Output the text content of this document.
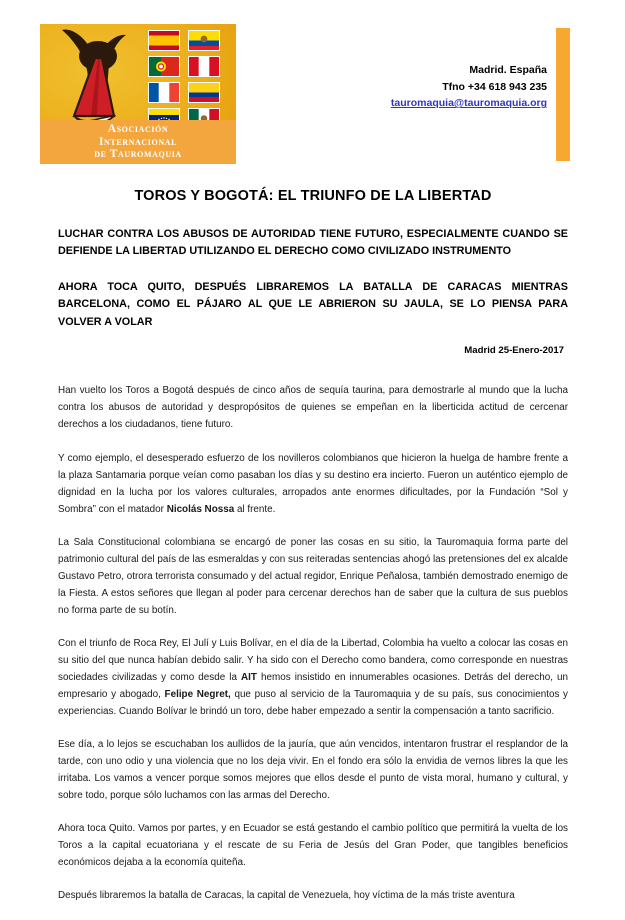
Asociación
Internacional
de Tauromaquia
Madrid. España
Tfno +34 618 943 235
tauromaquia@tauromaquia.org
TOROS Y BOGOTÁ: EL TRIUNFO DE LA LIBERTAD

LUCHAR CONTRA LOS ABUSOS DE AUTORIDAD TIENE FUTURO, ESPECIALMENTE CUANDO SE DEFIENDE LA LIBERTAD UTILIZANDO EL DERECHO COMO CIVILIZADO INSTRUMENTO

AHORA TOCA QUITO, DESPUÉS LIBRAREMOS LA BATALLA DE CARACAS MIENTRAS BARCELONA, COMO EL PÁJARO AL QUE LE ABRIERON SU JAULA, SE LO PIENSA PARA VOLVER A VOLAR

Madrid 25-Enero-2017

Han vuelto los Toros a Bogotá después de cinco años de sequía taurina, para demostrarle al mundo que la lucha contra los abusos de autoridad y despropósitos de quienes se empeñan en la liberticida actitud de cercenar derechos a los ciudadanos, tiene futuro.

Y como ejemplo, el desesperado esfuerzo de los novilleros colombianos que hicieron la huelga de hambre frente a la plaza Santamaria porque veían como pasaban los días y su destino era incierto. Fueron un auténtico ejemplo de dignidad en la lucha por los valores culturales, arropados ante enormes dificultades, por la Fundación “Sol y Sombra” con el matador Nicolás Nossa al frente.

La Sala Constitucional colombiana se encargó de poner las cosas en su sitio, la Tauromaquia forma parte del patrimonio cultural del país de las esmeraldas y con sus reiteradas sentencias ahogó las pretensiones del ex alcalde Gustavo Petro, otrora terrorista consumado y del actual regidor, Enrique Peñalosa, también demostrado enemigo de la Fiesta. A estos señores que llegan al poder para cercenar derechos han de saber que la cultura de sus pueblos no forma parte de su botín.

Con el triunfo de Roca Rey, El Julí y Luis Bolívar, en el día de la Libertad, Colombia ha vuelto a colocar las cosas en su sitio del que nunca habían debido salir. Y ha sido con el Derecho como bandera, como corresponde en nuestras sociedades civilizadas y como desde la AIT hemos insistido en innumerables ocasiones. Detrás del derecho, un empresario y abogado, Felipe Negret, que puso al servicio de la Tauromaquia y de su país, sus conocimientos y experiencias. Cuando Bolívar le brindó un toro, debe haber empezado a sentir la compensación a tanto sacrificio.

Ese día, a lo lejos se escuchaban los aullidos de la jauría, que aún vencidos, intentaron frustrar el resplandor de la tarde, con uno odio y una violencia que no los deja vivir. En el fondo era sólo la envidia de vernos libres la que les irritaba. Los vamos a vencer porque somos mejores que ellos desde el punto de vista moral, humano y cultural, y sobre todo, porque sólo luchamos con las armas del Derecho.

Ahora toca Quito. Vamos por partes, y en Ecuador se está gestando el cambio político que permitirá la vuelta de los Toros a la capital ecuatoriana y el rescate de su Feria de Jesús del Gran Poder, que tangibles beneficios económicos dejaba a la economía quiteña.

Después libraremos la batalla de Caracas, la capital de Venezuela, hoy víctima de la más triste aventura
